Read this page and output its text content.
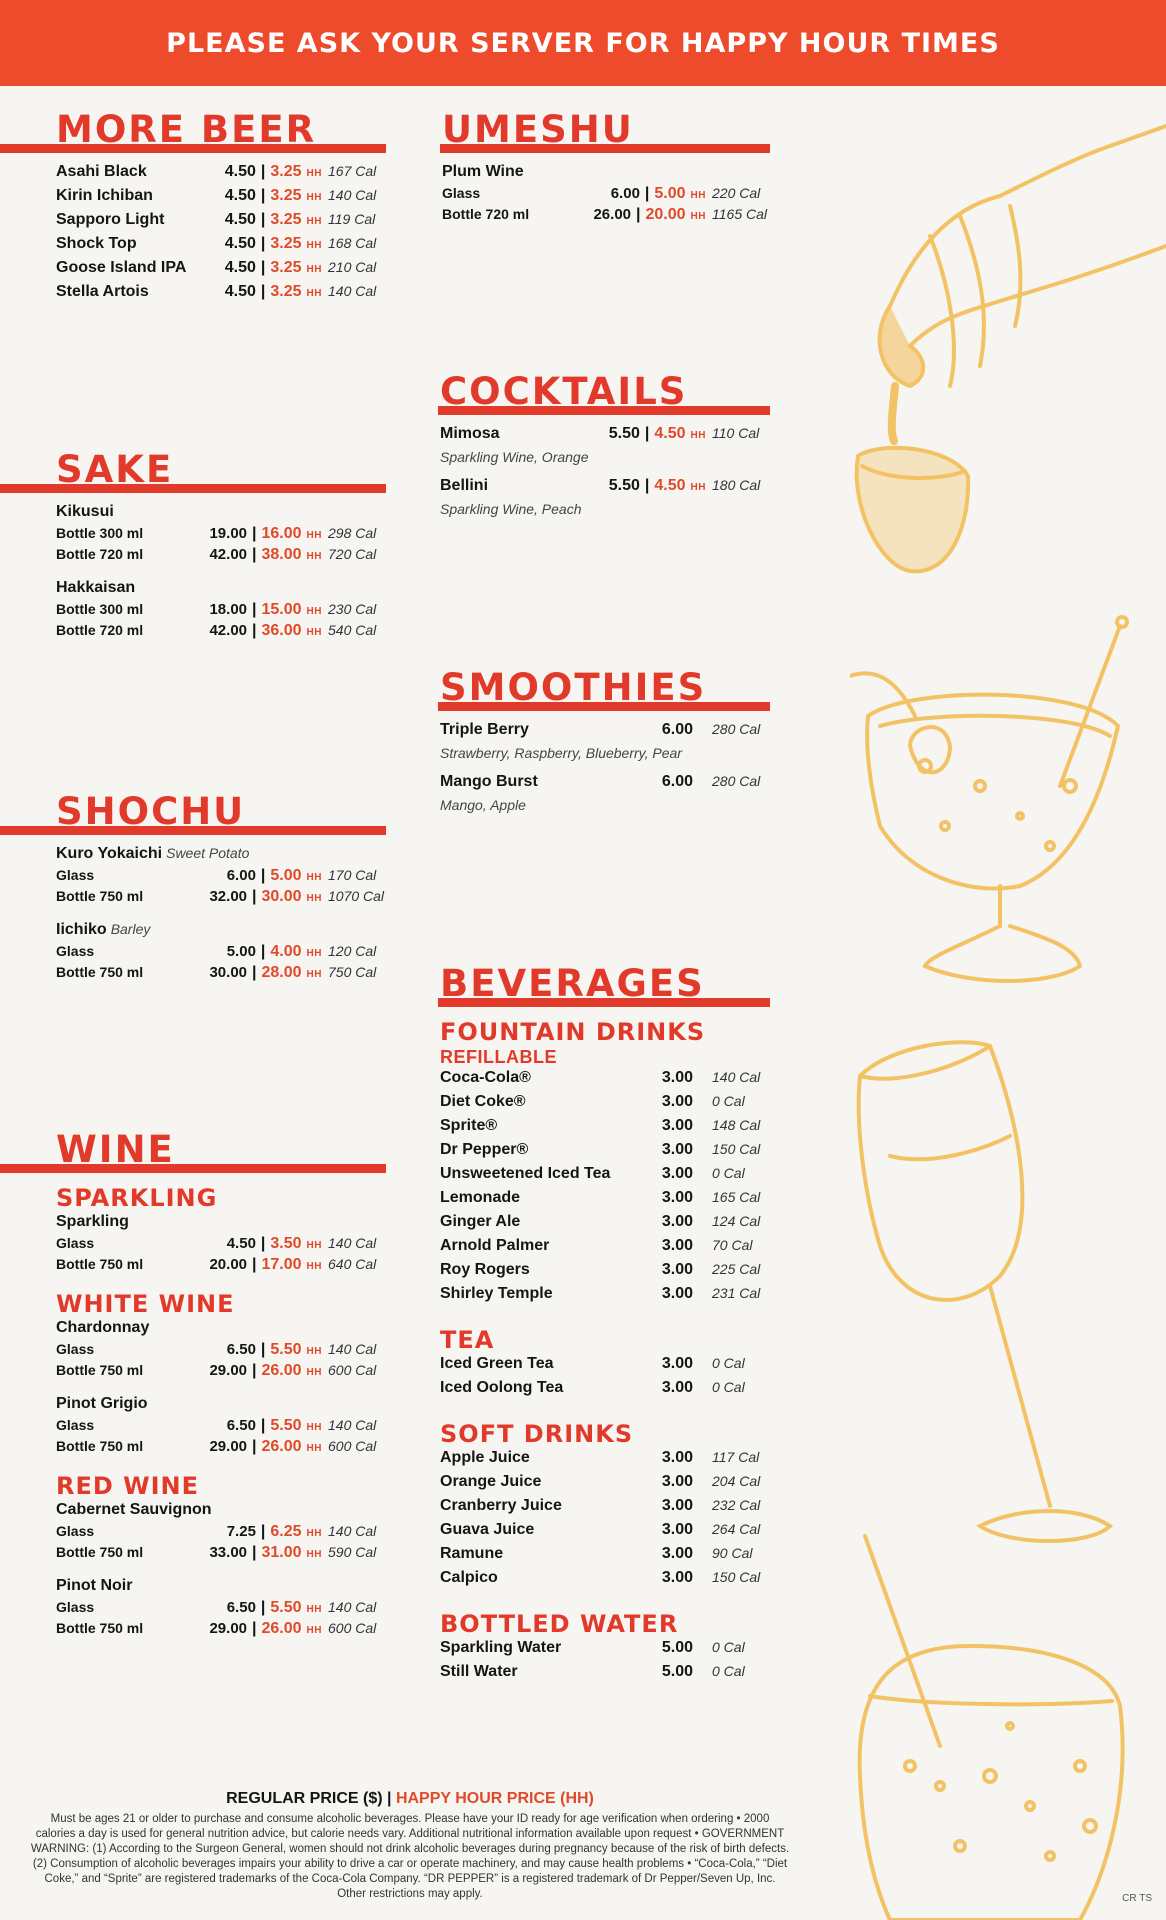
PLEASE ASK YOUR SERVER FOR HAPPY HOUR TIMES
MORE BEER
Asahi Black	4.50 | 3.25 HH 167 Cal
Kirin Ichiban	4.50 | 3.25 HH 140 Cal
Sapporo Light	4.50 | 3.25 HH 119 Cal
Shock Top	4.50 | 3.25 HH 168 Cal
Goose Island IPA 4.50 | 3.25 HH 210 Cal
Stella Artois	4.50 | 3.25 HH 140 Cal
SAKE
Kikusui
Bottle 300 ml	19.00 | 16.00 HH 298 Cal
Bottle 720 ml	42.00 | 38.00 HH 720 Cal
Hakkaisan
Bottle 300 ml	18.00 | 15.00 HH 230 Cal
Bottle 720 ml	42.00 | 36.00 HH 540 Cal
SHOCHU
Kuro Yokaichi Sweet Potato
Glass	6.00 | 5.00 HH 170 Cal
Bottle 750 ml	32.00 | 30.00 HH 1070 Cal
Iichiko Barley
Glass	5.00 | 4.00 HH 120 Cal
Bottle 750 ml	30.00 | 28.00 HH 750 Cal
WINE
SPARKLING
Sparkling
Glass	4.50 | 3.50 HH 140 Cal
Bottle 750 ml	20.00 | 17.00 HH 640 Cal
WHITE WINE
Chardonnay
Glass	6.50 | 5.50 HH 140 Cal
Bottle 750 ml	29.00 | 26.00 HH 600 Cal
Pinot Grigio
Glass	6.50 | 5.50 HH 140 Cal
Bottle 750 ml	29.00 | 26.00 HH 600 Cal
RED WINE
Cabernet Sauvignon
Glass	7.25 | 6.25 HH 140 Cal
Bottle 750 ml	33.00 | 31.00 HH 590 Cal
Pinot Noir
Glass	6.50 | 5.50 HH 140 Cal
Bottle 750 ml	29.00 | 26.00 HH 600 Cal
UMESHU
Plum Wine
Glass	6.00 | 5.00 HH 220 Cal
Bottle 720 ml	26.00 | 20.00 HH 1165 Cal
COCKTAILS
Mimosa	5.50 | 4.50 HH 110 Cal
Sparkling Wine, Orange
Bellini	5.50 | 4.50 HH 180 Cal
Sparkling Wine, Peach
SMOOTHIES
Triple Berry	6.00 280 Cal
Strawberry, Raspberry, Blueberry, Pear
Mango Burst	6.00 280 Cal
Mango, Apple
BEVERAGES
FOUNTAIN DRINKS
REFILLABLE
Coca-Cola®	3.00 140 Cal
Diet Coke®	3.00 0 Cal
Sprite®	3.00 148 Cal
Dr Pepper®	3.00 150 Cal
Unsweetened Iced Tea	3.00 0 Cal
Lemonade	3.00 165 Cal
Ginger Ale	3.00 124 Cal
Arnold Palmer	3.00 70 Cal
Roy Rogers	3.00 225 Cal
Shirley Temple	3.00 231 Cal
TEA
Iced Green Tea	3.00 0 Cal
Iced Oolong Tea	3.00 0 Cal
SOFT DRINKS
Apple Juice	3.00 117 Cal
Orange Juice	3.00 204 Cal
Cranberry Juice	3.00 232 Cal
Guava Juice	3.00 264 Cal
Ramune	3.00 90 Cal
Calpico	3.00 150 Cal
BOTTLED WATER
Sparkling Water	5.00 0 Cal
Still Water	5.00 0 Cal
REGULAR PRICE ($) | HAPPY HOUR PRICE (HH)
Must be ages 21 or older to purchase and consume alcoholic beverages. Please have your ID ready for age verification when ordering • 2000 calories a day is used for general nutrition advice, but calorie needs vary. Additional nutritional information available upon request • GOVERNMENT WARNING: (1) According to the Surgeon General, women should not drink alcoholic beverages during pregnancy because of the risk of birth defects. (2) Consumption of alcoholic beverages impairs your ability to drive a car or operate machinery, and may cause health problems • “Coca-Cola,” “Diet Coke,” and “Sprite” are registered trademarks of the Coca-Cola Company. “DR PEPPER” is a registered trademark of Dr Pepper/Seven Up, Inc. Other restrictions may apply.	CR TS
